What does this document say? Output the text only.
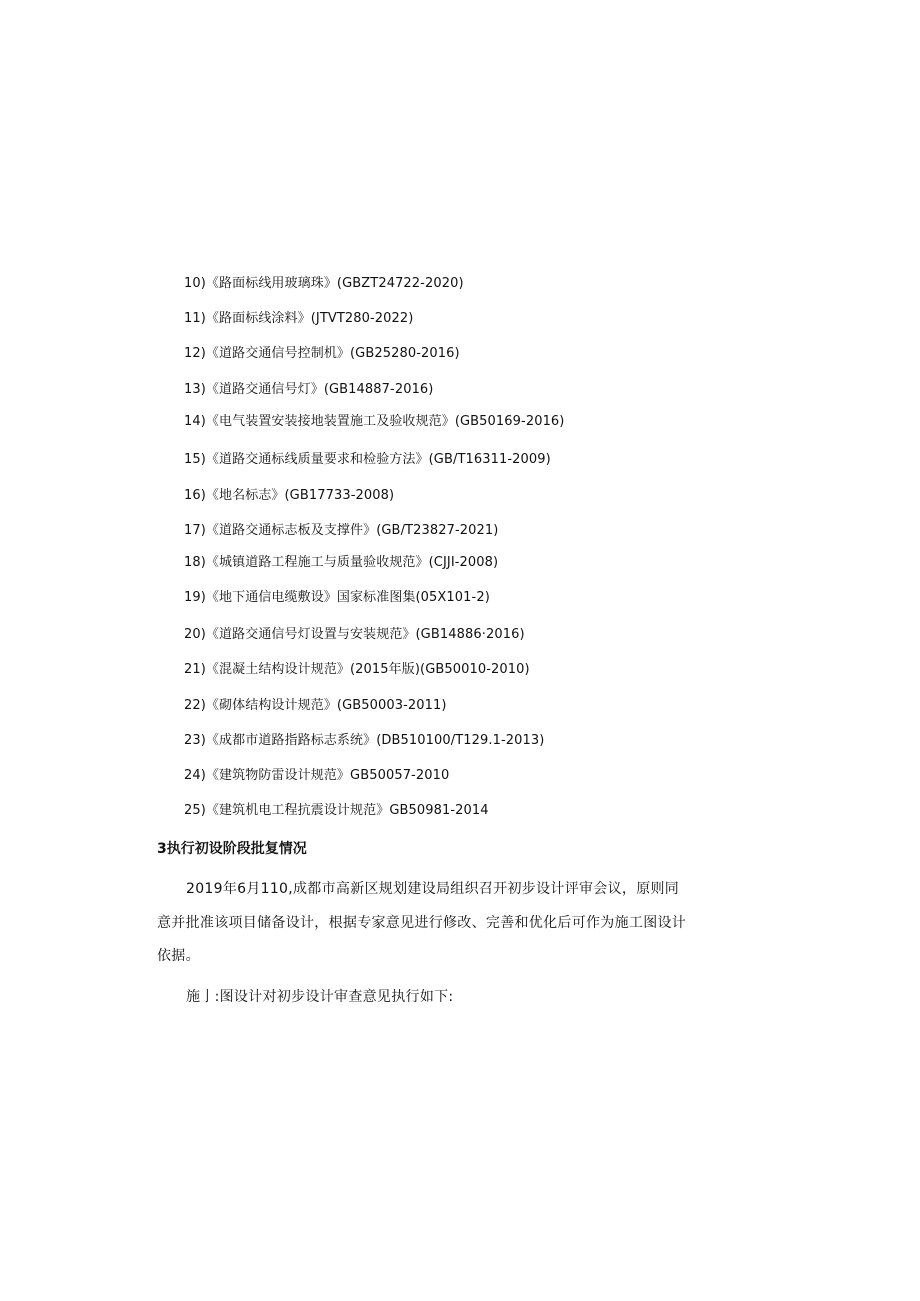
10)《路面标线用玻璃珠》(GBZT24722-2020)
11)《路面标线涂料》(JTVT280-2022)
12)《道路交通信号控制机》(GB25280-2016)
13)《道路交通信号灯》(GB14887-2016)
14)《电气装置安装接地装置施工及验收规范》(GB50169-2016)
15)《道路交通标线质量要求和检验方法》(GB/T16311-2009)
16)《地名标志》(GB17733-2008)
17)《道路交通标志板及支撑件》(GB/T23827-2021)
18)《城镇道路工程施工与质量验收规范》(CJJI-2008)
19)《地下通信电缆敷设》国家标准图集(05X101-2)
20)《道路交通信号灯设置与安装规范》(GB14886·2016)
21)《混凝土结构设计规范》(2015年版)(GB50010-2010)
22)《砌体结构设计规范》(GB50003-2011)
23)《成都市道路指路标志系统》(DB510100/T129.1-2013)
24)《建筑物防雷设计规范》GB50057-2010
25)《建筑机电工程抗震设计规范》GB50981-2014
3执行初设阶段批复情况
2019年6月110,成都市高新区规划建设局组织召开初步设计评审会议，原则同
意并批准该项目储备设计，根据专家意见进行修改、完善和优化后可作为施工图设计
依据。
施亅:图设计对初步设计审查意见执行如下:
